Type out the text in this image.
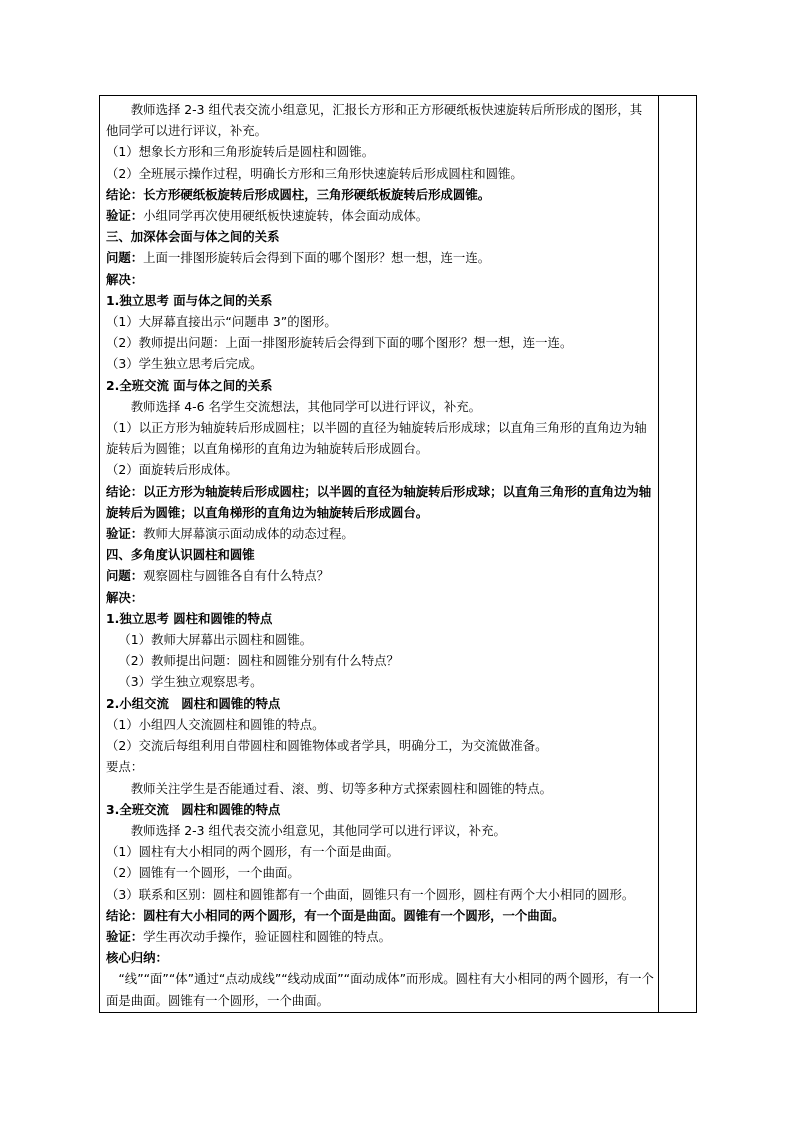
教师选择 2-3 组代表交流小组意见，汇报长方形和正方形硬纸板快速旋转后所形成的图形，其他同学可以进行评议，补充。

（1）想象长方形和三角形旋转后是圆柱和圆锥。

（2）全班展示操作过程，明确长方形和三角形快速旋转后形成圆柱和圆锥。

结论：长方形硬纸板旋转后形成圆柱，三角形硬纸板旋转后形成圆锥。

验证：小组同学再次使用硬纸板快速旋转，体会面动成体。

三、加深体会面与体之间的关系

问题：上面一排图形旋转后会得到下面的哪个图形？想一想，连一连。

解决：

1.独立思考 面与体之间的关系

（1）大屏幕直接出示“问题串 3”的图形。

（2）教师提出问题：上面一排图形旋转后会得到下面的哪个图形？想一想，连一连。

（3）学生独立思考后完成。

2.全班交流 面与体之间的关系

教师选择 4-6 名学生交流想法，其他同学可以进行评议，补充。

（1）以正方形为轴旋转后形成圆柱；以半圆的直径为轴旋转后形成球；以直角三角形的直角边为轴旋转后为圆锥；以直角梯形的直角边为轴旋转后形成圆台。

（2）面旋转后形成体。

结论：以正方形为轴旋转后形成圆柱；以半圆的直径为轴旋转后形成球；以直角三角形的直角边为轴旋转后为圆锥；以直角梯形的直角边为轴旋转后形成圆台。

验证：教师大屏幕演示面动成体的动态过程。

四、多角度认识圆柱和圆锥

问题：观察圆柱与圆锥各自有什么特点？

解决：

1.独立思考 圆柱和圆锥的特点

（1）教师大屏幕出示圆柱和圆锥。

（2）教师提出问题：圆柱和圆锥分别有什么特点？

（3）学生独立观察思考。

2.小组交流　圆柱和圆锥的特点

（1）小组四人交流圆柱和圆锥的特点。

（2）交流后每组利用自带圆柱和圆锥物体或者学具，明确分工，为交流做准备。

要点：

教师关注学生是否能通过看、滚、剪、切等多种方式探索圆柱和圆锥的特点。

3.全班交流　圆柱和圆锥的特点

教师选择 2-3 组代表交流小组意见，其他同学可以进行评议，补充。

（1）圆柱有大小相同的两个圆形，有一个面是曲面。

（2）圆锥有一个圆形，一个曲面。

（3）联系和区别：圆柱和圆锥都有一个曲面，圆锥只有一个圆形，圆柱有两个大小相同的圆形。

结论：圆柱有大小相同的两个圆形，有一个面是曲面。圆锥有一个圆形，一个曲面。

验证：学生再次动手操作，验证圆柱和圆锥的特点。

核心归纳：

“线”“面”“体”通过“点动成线”“线动成面”“面动成体”而形成。圆柱有大小相同的两个圆形，有一个面是曲面。圆锥有一个圆形，一个曲面。
